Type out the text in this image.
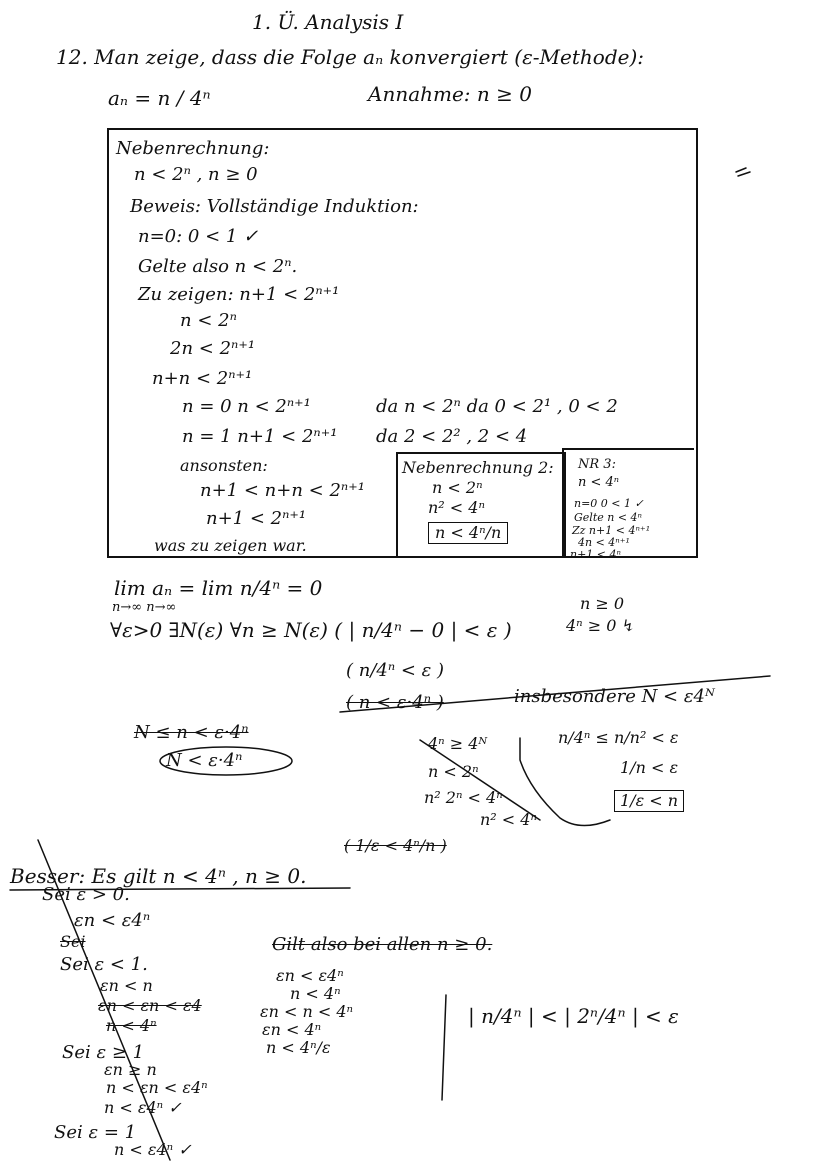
1. Ü. Analysis I
12. Man zeige, dass die Folge aₙ konvergiert (ε-Methode):
aₙ = n / 4ⁿ	Annahme: n ≥ 0
Nebenrechnung:
n < 2ⁿ , n ≥ 0
Beweis: Vollständige Induktion:
n=0: 0 < 1 ✓
Gelte also n < 2ⁿ.
Zu zeigen: n+1 < 2ⁿ⁺¹
n < 2ⁿ
2n < 2ⁿ⁺¹
n+n < 2ⁿ⁺¹
n = 0 n < 2ⁿ⁺¹	da n < 2ⁿ da 0 < 2¹ , 0 < 2
n = 1 n+1 < 2ⁿ⁺¹ da 2 < 2² , 2 < 4
ansonsten:
n+1 < n+n < 2ⁿ⁺¹
n+1 < 2ⁿ⁺¹
was zu zeigen war.
Nebenrechnung 2:
n < 2ⁿ
n² < 4ⁿ
n < 4ⁿ/n
NR 3:
n < 4ⁿ
n=0 0 < 1 ✓
Gelte n < 4ⁿ
Zz n+1 < 4ⁿ⁺¹
4n < 4ⁿ⁺¹
n+1 < 4ⁿ
lim aₙ = lim n/4ⁿ = 0
n→∞ n→∞
∀ε>0 ∃N(ε) ∀n ≥ N(ε) ( | n/4ⁿ − 0 | < ε )
n ≥ 0
4ⁿ ≥ 0 ↯
( n/4ⁿ < ε )
( n < ε·4ⁿ )	insbesondere N < ε4ᴺ
N ≤ n < ε·4ⁿ
N < ε·4ⁿ
4ⁿ ≥ 4ᴺ
n < 2ⁿ
n² 2ⁿ < 4ⁿ
n² < 4ⁿ
n/4ⁿ ≤ n/n² < ε
1/n < ε
1/ε < n
( 1/ε < 4ⁿ/n )
Besser: Es gilt n < 4ⁿ , n ≥ 0.
Sei ε > 0.
εn < ε4ⁿ
Sei	Gilt also bei allen n ≥ 0.
Sei ε < 1.
εn < n
εn < εn < ε4
n < 4ⁿ
εn < ε4ⁿ
n < 4ⁿ
εn < n < 4ⁿ
εn < 4ⁿ
n < 4ⁿ/ε
Sei ε ≥ 1
εn ≥ n
n < εn < ε4ⁿ
n < ε4ⁿ ✓
Sei ε = 1
n < ε4ⁿ ✓
| n/4ⁿ | < | 2ⁿ/4ⁿ | < ε
